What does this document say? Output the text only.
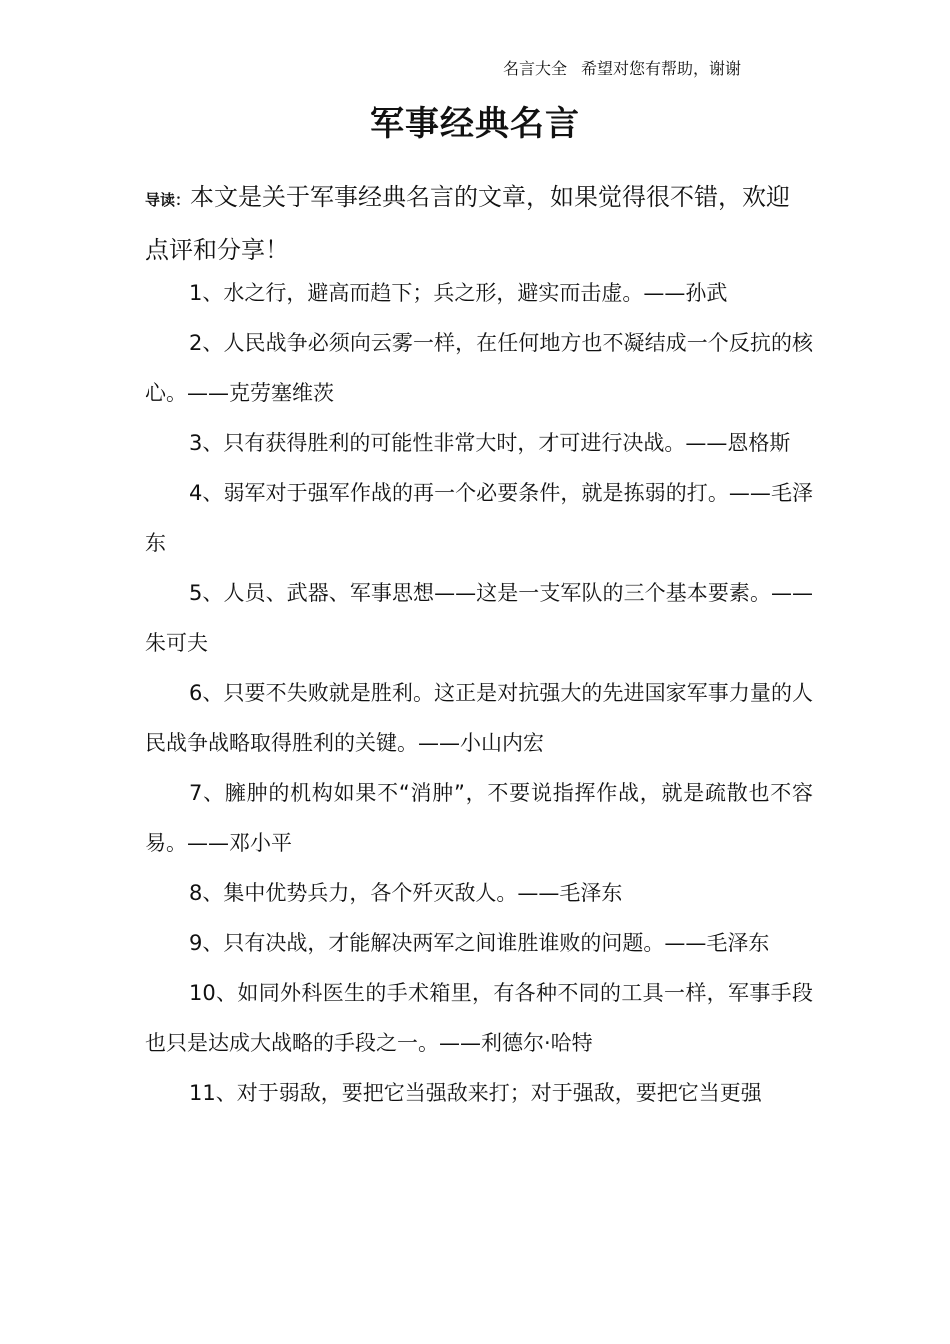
名言大全 希望对您有帮助，谢谢
军事经典名言
导读：本文是关于军事经典名言的文章，如果觉得很不错，欢迎点评和分享！

1、水之行，避高而趋下；兵之形，避实而击虚。——孙武

2、人民战争必须向云雾一样，在任何地方也不凝结成一个反抗的核心。——克劳塞维茨

3、只有获得胜利的可能性非常大时，才可进行决战。——恩格斯

4、弱军对于强军作战的再一个必要条件，就是拣弱的打。——毛泽东

5、人员、武器、军事思想——这是一支军队的三个基本要素。——朱可夫

6、只要不失败就是胜利。这正是对抗强大的先进国家军事力量的人民战争战略取得胜利的关键。——小山内宏

7、臃肿的机构如果不“消肿”，不要说指挥作战，就是疏散也不容易。——邓小平

8、集中优势兵力，各个歼灭敌人。——毛泽东

9、只有决战，才能解决两军之间谁胜谁败的问题。——毛泽东

10、如同外科医生的手术箱里，有各种不同的工具一样，军事手段也只是达成大战略的手段之一。——利德尔·哈特

11、对于弱敌，要把它当强敌来打；对于强敌，要把它当更强
